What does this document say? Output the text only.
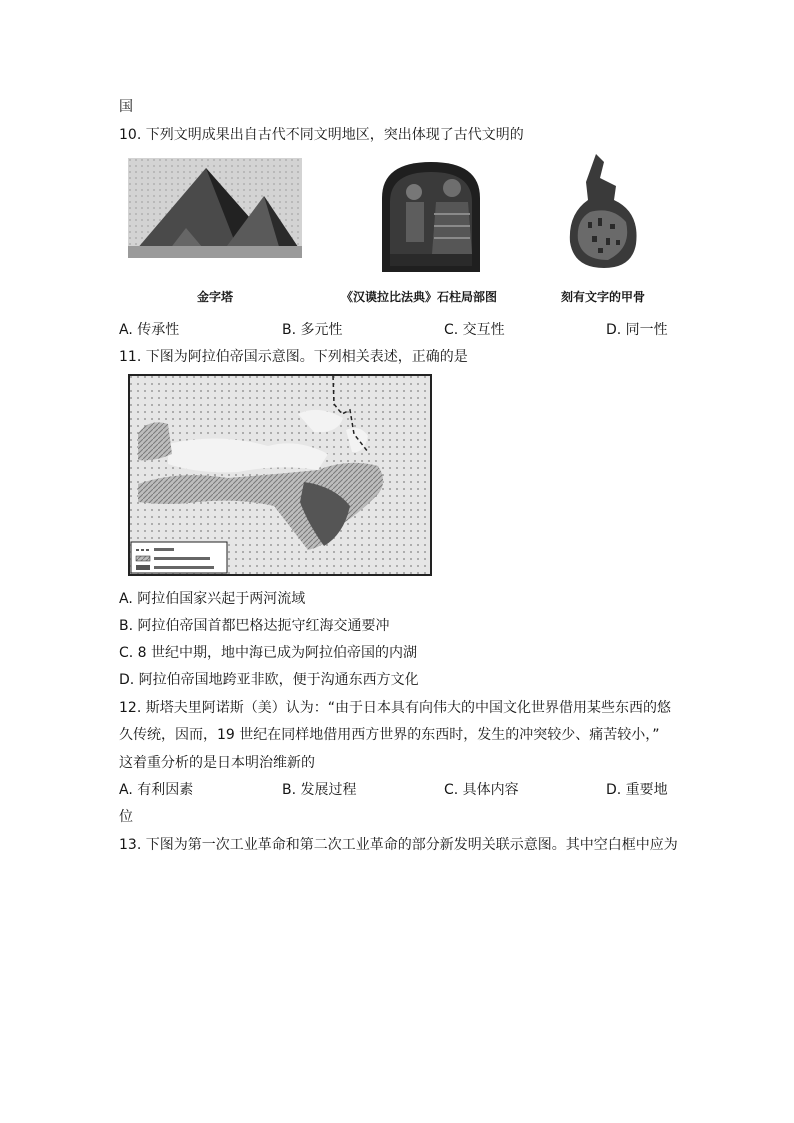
国
10. 下列文明成果出自古代不同文明地区，突出体现了古代文明的
金字塔	《汉谟拉比法典》石柱局部图	刻有文字的甲骨
A. 传承性	B. 多元性	C. 交互性	D. 同一性
11. 下图为阿拉伯帝国示意图。下列相关表述，正确的是
A. 阿拉伯国家兴起于两河流域
B. 阿拉伯帝国首都巴格达扼守红海交通要冲
C. 8 世纪中期，地中海已成为阿拉伯帝国的内湖
D. 阿拉伯帝国地跨亚非欧，便于沟通东西方文化
12. 斯塔夫里阿诺斯（美）认为：“由于日本具有向伟大的中国文化世界借用某些东西的悠
久传统，因而，19 世纪在同样地借用西方世界的东西时，发生的冲突较少、痛苦较小，”
这着重分析的是日本明治维新的
A. 有利因素	B. 发展过程	C. 具体内容	D. 重要地
位
13. 下图为第一次工业革命和第二次工业革命的部分新发明关联示意图。其中空白框中应为
